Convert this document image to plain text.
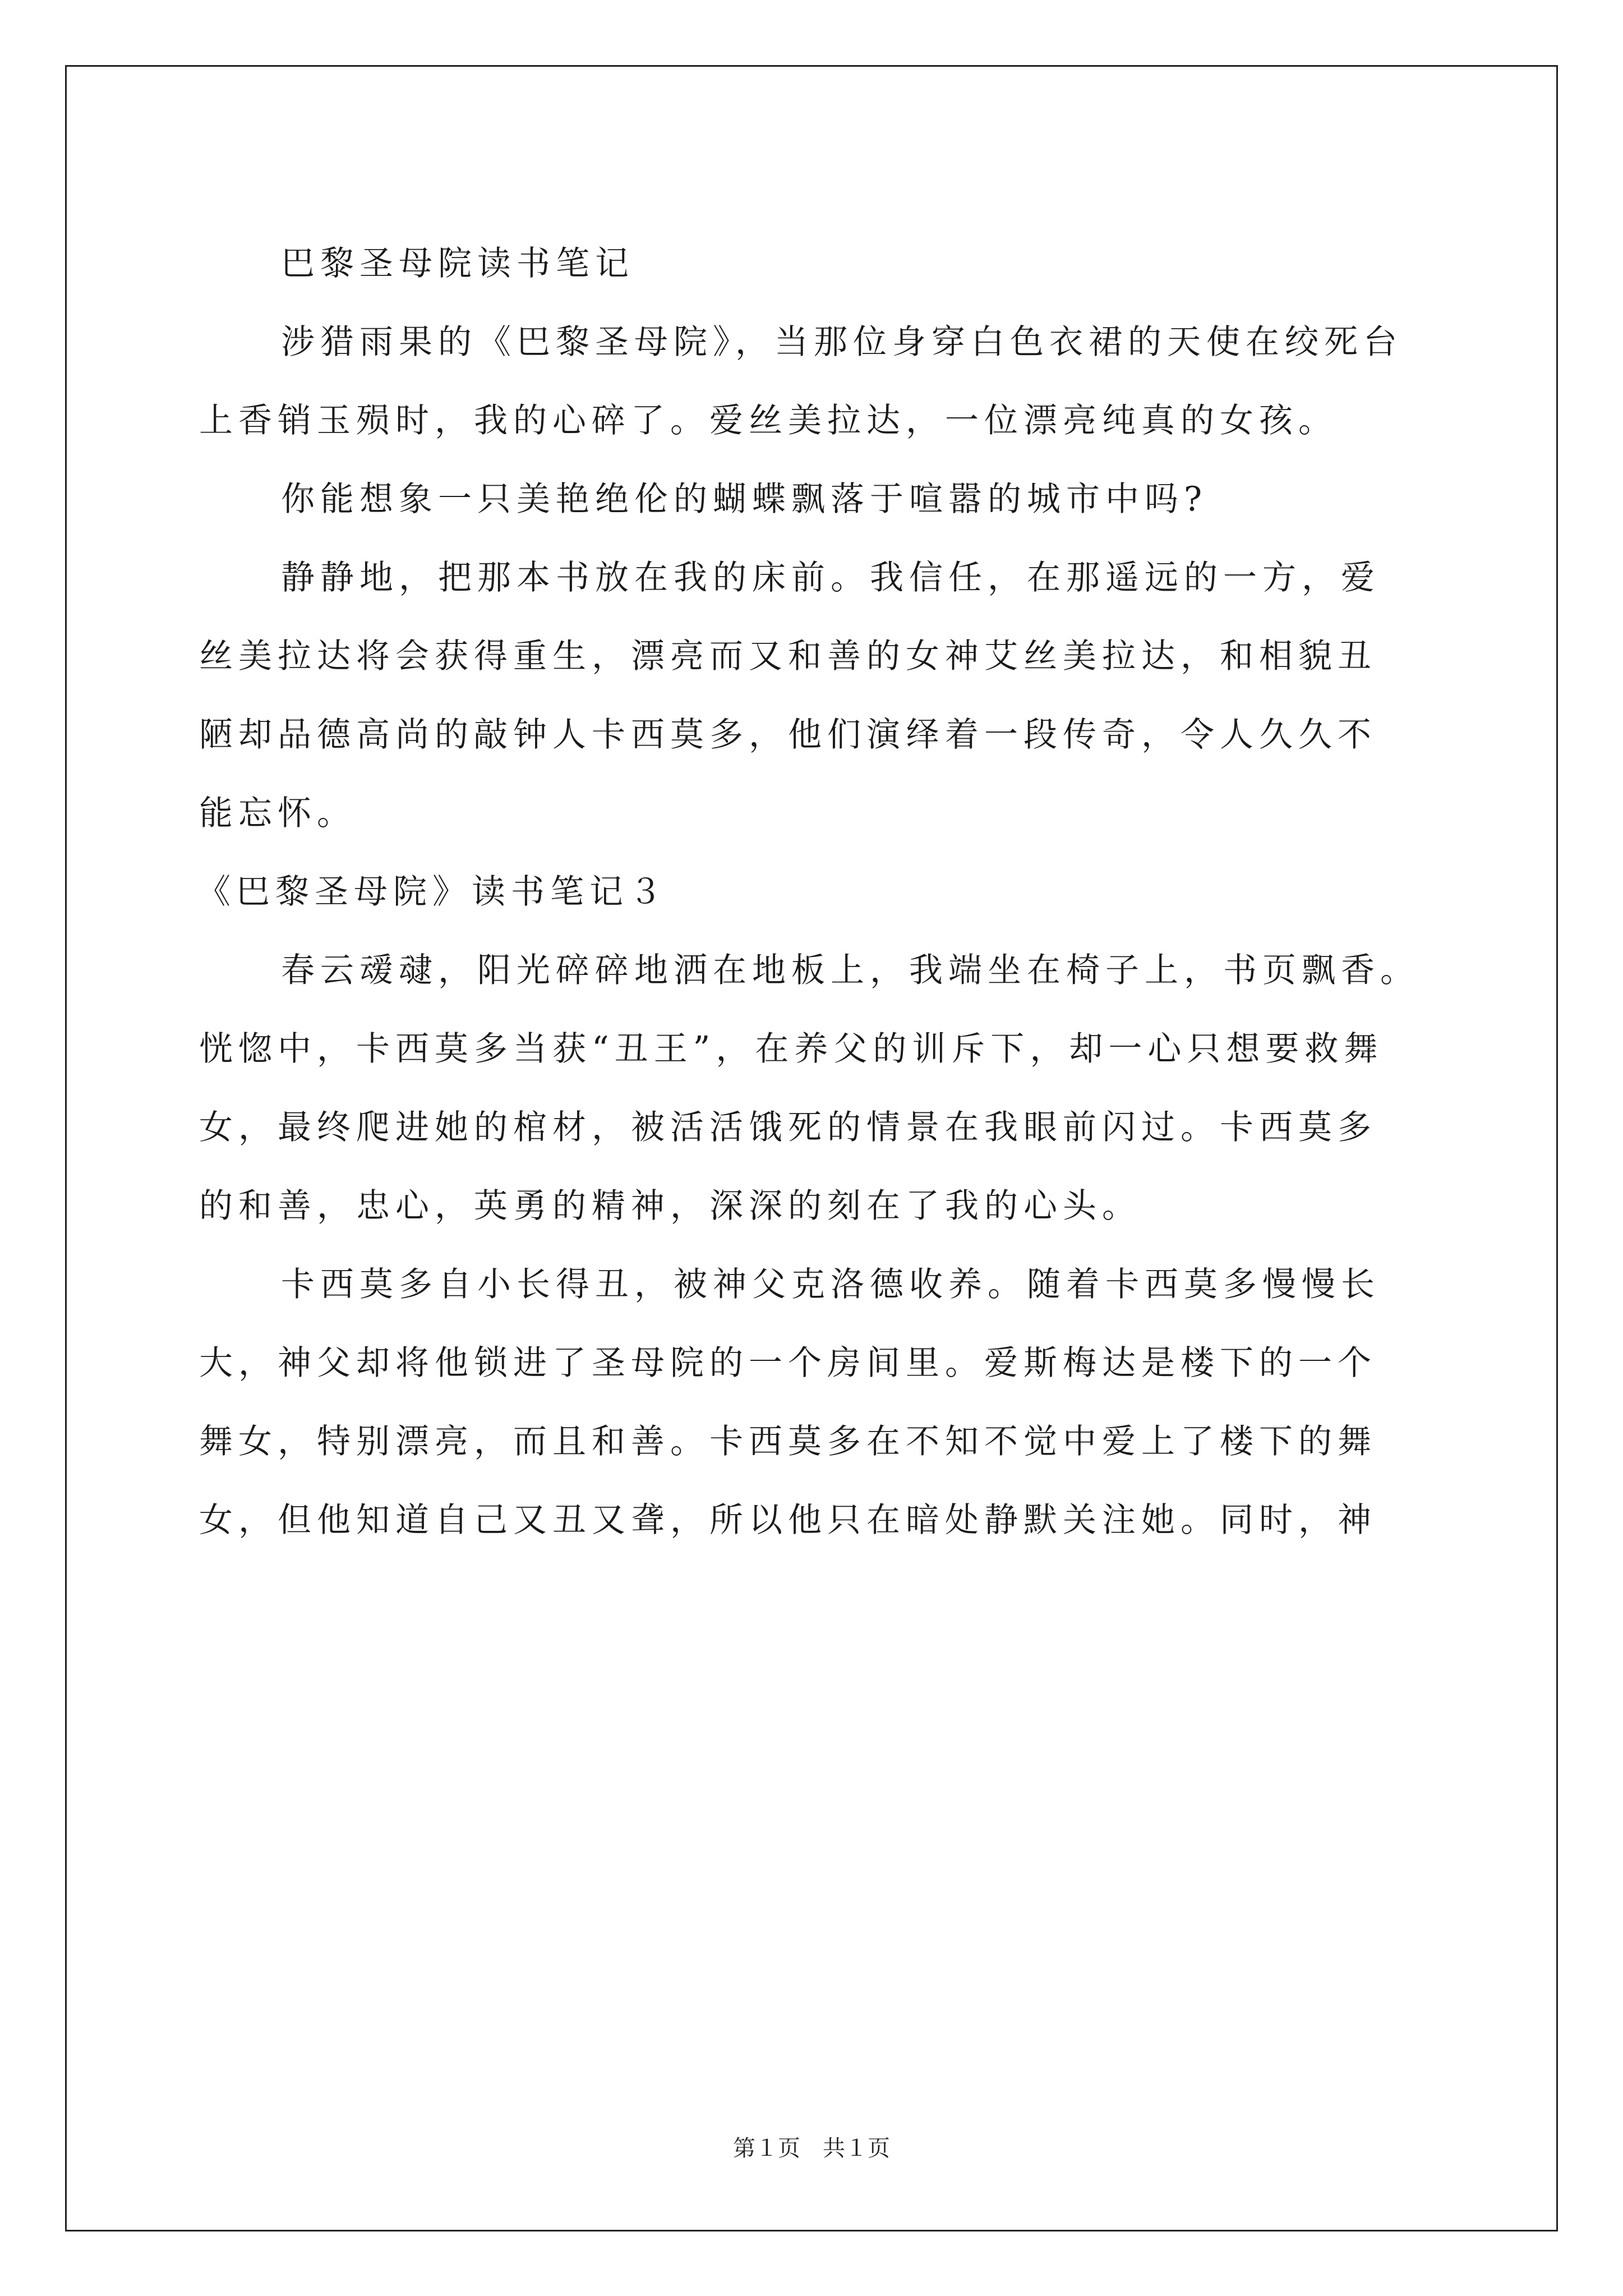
巴黎圣母院读书笔记
涉猎雨果的《巴黎圣母院》，当那位身穿白色衣裙的天使在绞死台
上香销玉殒时，我的心碎了。爱丝美拉达，一位漂亮纯真的女孩。
你能想象一只美艳绝伦的蝴蝶飘落于喧嚣的城市中吗?
静静地，把那本书放在我的床前。我信任，在那遥远的一方，爱
丝美拉达将会获得重生，漂亮而又和善的女神艾丝美拉达，和相貌丑
陋却品德高尚的敲钟人卡西莫多，他们演绎着一段传奇，令人久久不
能忘怀。
《巴黎圣母院》读书笔记３
春云叆叇，阳光碎碎地洒在地板上，我端坐在椅子上，书页飘香。
恍惚中，卡西莫多当获“丑王”，在养父的训斥下，却一心只想要救舞
女，最终爬进她的棺材，被活活饿死的情景在我眼前闪过。卡西莫多
的和善，忠心，英勇的精神，深深的刻在了我的心头。
卡西莫多自小长得丑，被神父克洛德收养。随着卡西莫多慢慢长
大，神父却将他锁进了圣母院的一个房间里。爱斯梅达是楼下的一个
舞女，特别漂亮，而且和善。卡西莫多在不知不觉中爱上了楼下的舞
女，但他知道自己又丑又聋，所以他只在暗处静默关注她。同时，神
第１页　共１页
